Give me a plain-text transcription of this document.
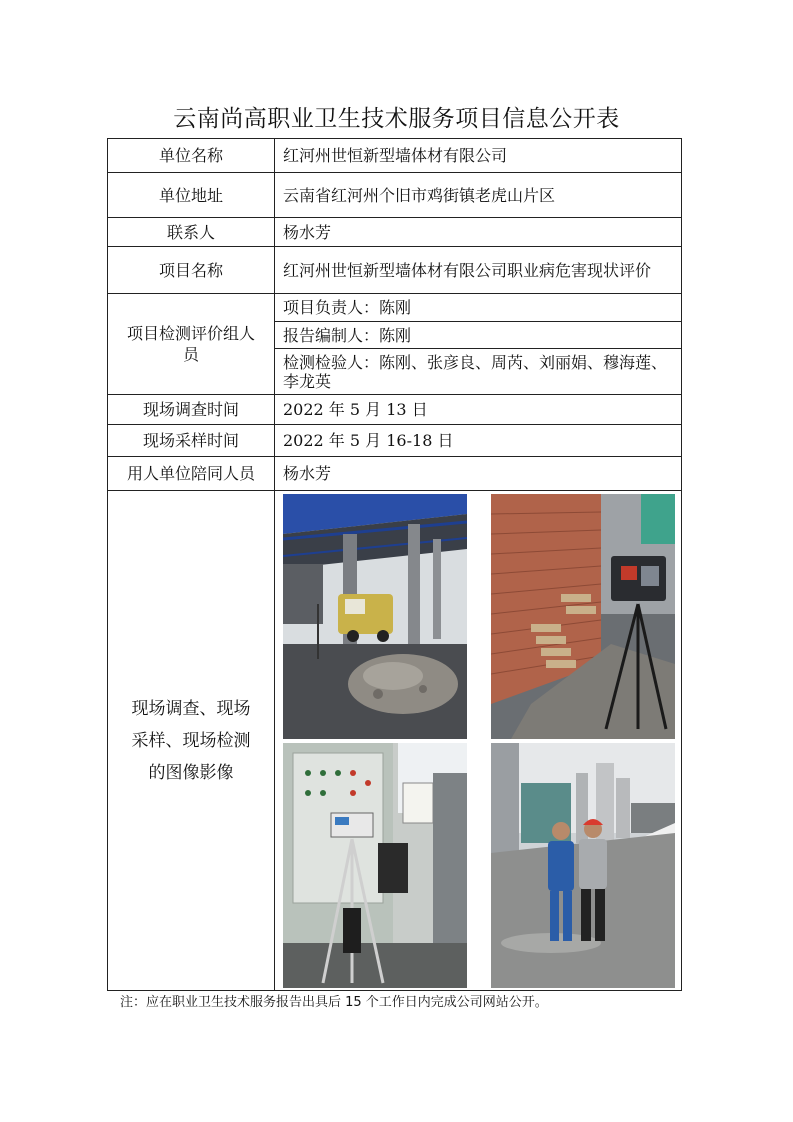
云南尚高职业卫生技术服务项目信息公开表
单位名称	红河州世恒新型墙体材有限公司
单位地址	云南省红河州个旧市鸡街镇老虎山片区
联系人	杨水芳
项目名称	红河州世恒新型墙体材有限公司职业病危害现状评价

项目检测评价组人员	项目负责人：陈刚
	报告编制人：陈刚
	检测检验人：陈刚、张彦良、周芮、刘丽娟、穆海莲、李龙英
现场调查时间	2022 年 5 月 13 日
现场采样时间	2022 年 5 月 16-18 日
用人单位陪同人员	杨水芳

现场调查、现场采样、现场检测的图像影像

注：应在职业卫生技术服务报告出具后 15 个工作日内完成公司网站公开。
